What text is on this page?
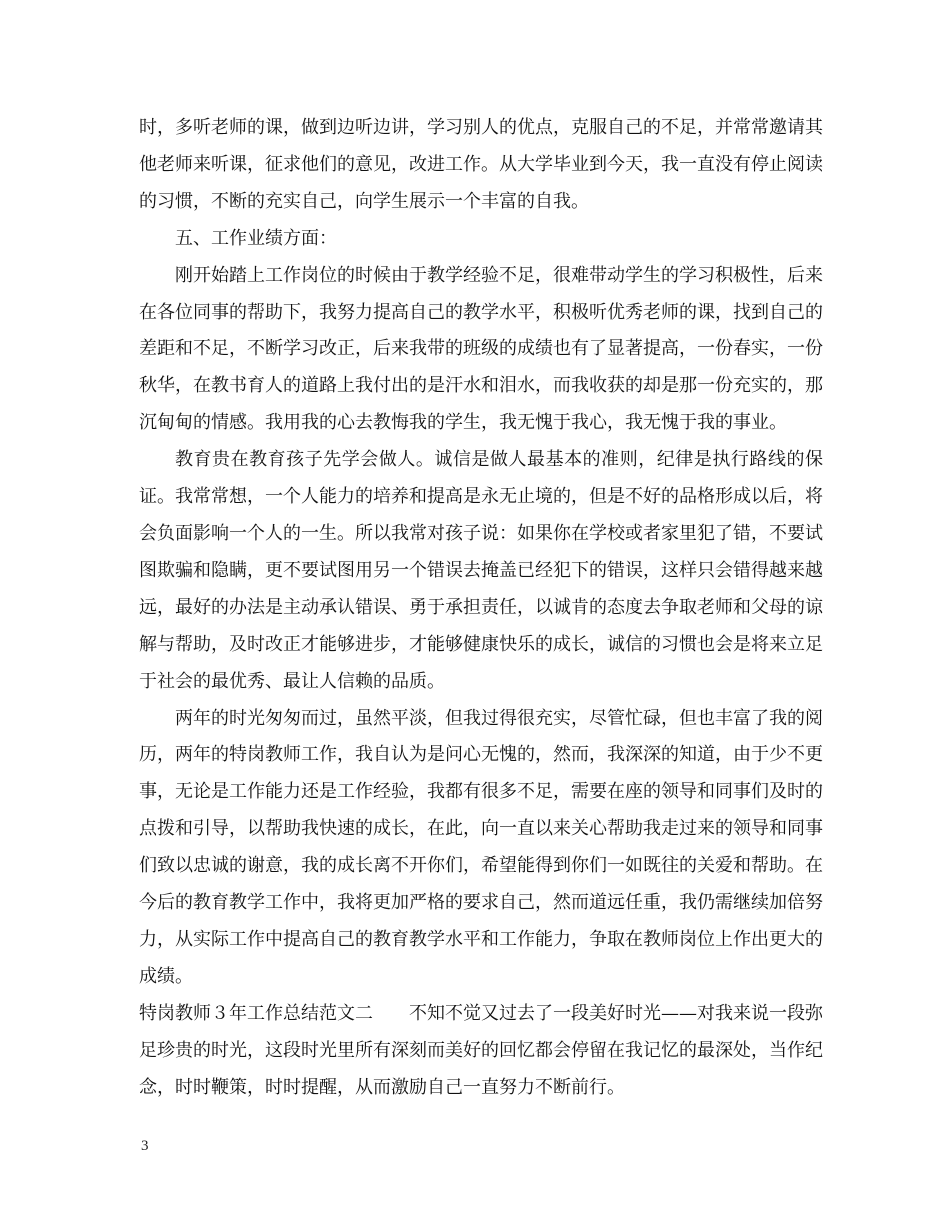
时，多听老师的课，做到边听边讲，学习别人的优点，克服自己的不足，并常常邀请其他老师来听课，征求他们的意见，改进工作。从大学毕业到今天，我一直没有停止阅读的习惯，不断的充实自己，向学生展示一个丰富的自我。

五、工作业绩方面：

刚开始踏上工作岗位的时候由于教学经验不足，很难带动学生的学习积极性，后来在各位同事的帮助下，我努力提高自己的教学水平，积极听优秀老师的课，找到自己的差距和不足，不断学习改正，后来我带的班级的成绩也有了显著提高，一份春实，一份秋华，在教书育人的道路上我付出的是汗水和泪水，而我收获的却是那一份充实的，那沉甸甸的情感。我用我的心去教悔我的学生，我无愧于我心，我无愧于我的事业。

教育贵在教育孩子先学会做人。诚信是做人最基本的准则，纪律是执行路线的保证。我常常想，一个人能力的培养和提高是永无止境的，但是不好的品格形成以后，将会负面影响一个人的一生。所以我常对孩子说：如果你在学校或者家里犯了错，不要试图欺骗和隐瞒，更不要试图用另一个错误去掩盖已经犯下的错误，这样只会错得越来越远，最好的办法是主动承认错误、勇于承担责任，以诚肯的态度去争取老师和父母的谅解与帮助，及时改正才能够进步，才能够健康快乐的成长，诚信的习惯也会是将来立足于社会的最优秀、最让人信赖的品质。

两年的时光匆匆而过，虽然平淡，但我过得很充实，尽管忙碌，但也丰富了我的阅历，两年的特岗教师工作，我自认为是问心无愧的，然而，我深深的知道，由于少不更事，无论是工作能力还是工作经验，我都有很多不足，需要在座的领导和同事们及时的点拨和引导，以帮助我快速的成长，在此，向一直以来关心帮助我走过来的领导和同事们致以忠诚的谢意，我的成长离不开你们，希望能得到你们一如既往的关爱和帮助。在今后的教育教学工作中，我将更加严格的要求自己，然而道远任重，我仍需继续加倍努力，从实际工作中提高自己的教育教学水平和工作能力，争取在教师岗位上作出更大的成绩。

特岗教师３年工作总结范文二　　不知不觉又过去了一段美好时光——对我来说一段弥足珍贵的时光，这段时光里所有深刻而美好的回忆都会停留在我记忆的最深处，当作纪念，时时鞭策，时时提醒，从而激励自己一直努力不断前行。

3
